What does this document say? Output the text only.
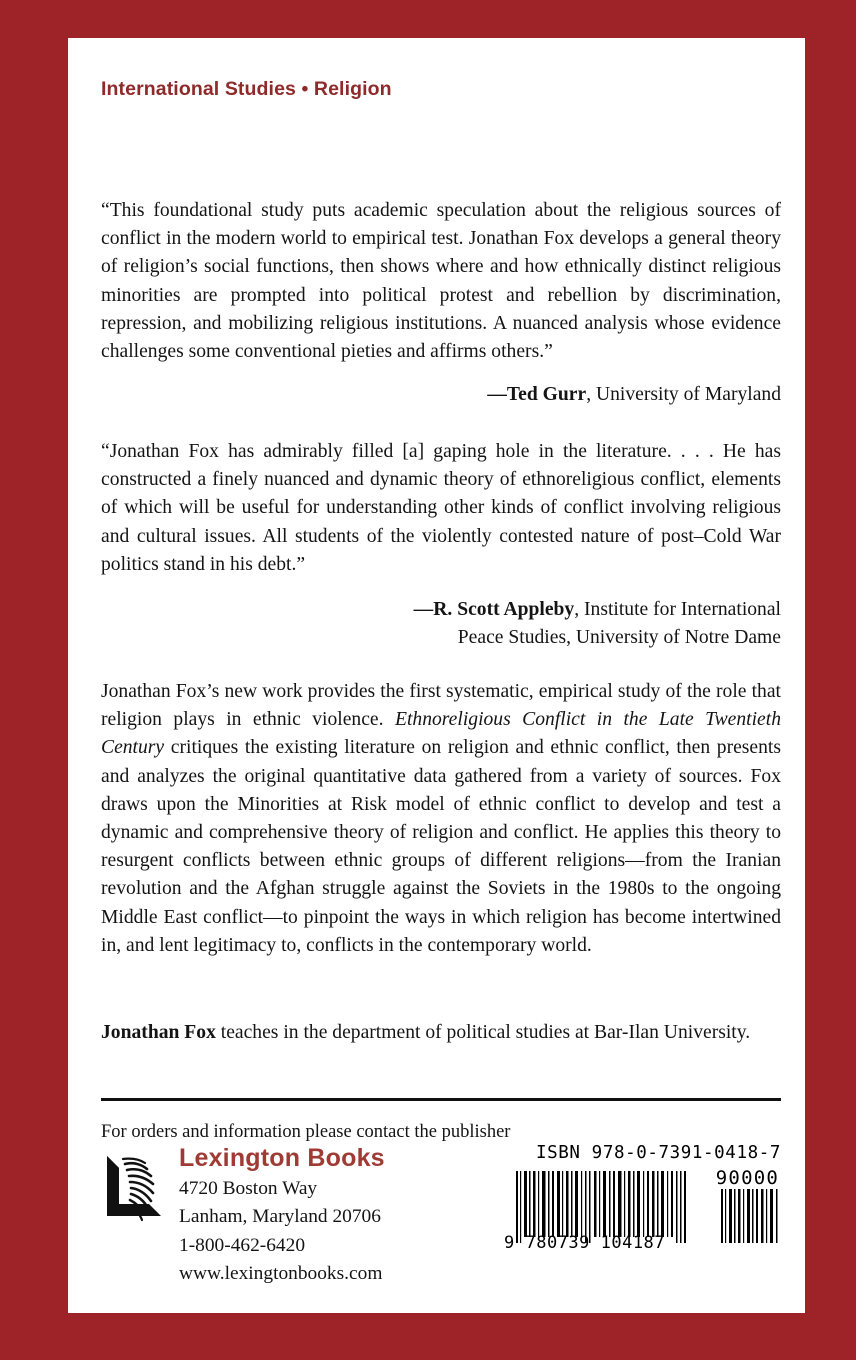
International Studies • Religion
“This foundational study puts academic speculation about the religious sources of conflict in the modern world to empirical test. Jonathan Fox develops a general theory of religion’s social functions, then shows where and how ethnically distinct religious minorities are prompted into political protest and rebellion by discrimination, repression, and mobilizing religious institutions. A nuanced analysis whose evidence challenges some conventional pieties and affirms others.”
—Ted Gurr, University of Maryland
“Jonathan Fox has admirably filled [a] gaping hole in the literature. . . . He has constructed a finely nuanced and dynamic theory of ethnoreligious conflict, elements of which will be useful for understanding other kinds of conflict involving religious and cultural issues. All students of the violently contested nature of post–Cold War politics stand in his debt.”
—R. Scott Appleby, Institute for International
Peace Studies, University of Notre Dame
Jonathan Fox’s new work provides the first systematic, empirical study of the role that religion plays in ethnic violence. Ethnoreligious Conflict in the Late Twentieth Century critiques the existing literature on religion and ethnic conflict, then presents and analyzes the original quantitative data gathered from a variety of sources. Fox draws upon the Minorities at Risk model of ethnic conflict to develop and test a dynamic and comprehensive theory of religion and conflict. He applies this theory to resurgent conflicts between ethnic groups of different religions—from the Iranian revolution and the Afghan struggle against the Soviets in the 1980s to the ongoing Middle East conflict—to pinpoint the ways in which religion has become intertwined in, and lent legitimacy to, conflicts in the contemporary world.
Jonathan Fox teaches in the department of political studies at Bar-Ilan University.
For orders and information please contact the publisher
Lexington Books
4720 Boston Way
Lanham, Maryland 20706
1-800-462-6420
www.lexingtonbooks.com
ISBN 978-0-7391-0418-7
90000
9 780739 104187
